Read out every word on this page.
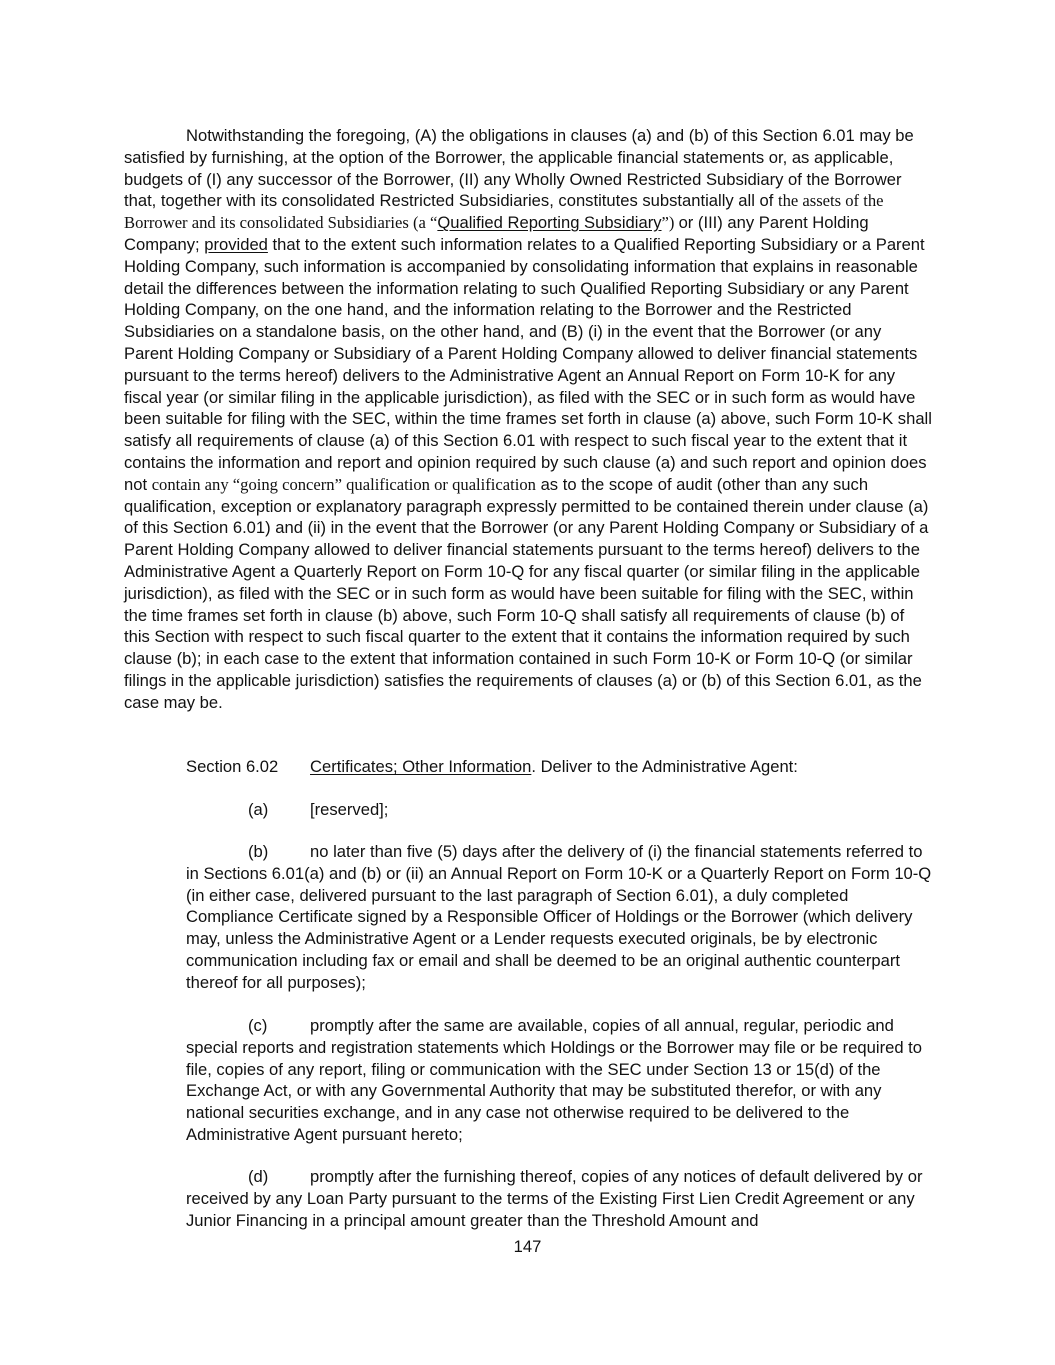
Notwithstanding the foregoing, (A) the obligations in clauses (a) and (b) of this Section 6.01 may be satisfied by furnishing, at the option of the Borrower, the applicable financial statements or, as applicable, budgets of (I) any successor of the Borrower, (II) any Wholly Owned Restricted Subsidiary of the Borrower that, together with its consolidated Restricted Subsidiaries, constitutes substantially all of the assets of the Borrower and its consolidated Subsidiaries (a “Qualified Reporting Subsidiary”) or (III) any Parent Holding Company; provided that to the extent such information relates to a Qualified Reporting Subsidiary or a Parent Holding Company, such information is accompanied by consolidating information that explains in reasonable detail the differences between the information relating to such Qualified Reporting Subsidiary or any Parent Holding Company, on the one hand, and the information relating to the Borrower and the Restricted Subsidiaries on a standalone basis, on the other hand, and (B) (i) in the event that the Borrower (or any Parent Holding Company or Subsidiary of a Parent Holding Company allowed to deliver financial statements pursuant to the terms hereof) delivers to the Administrative Agent an Annual Report on Form 10-K for any fiscal year (or similar filing in the applicable jurisdiction), as filed with the SEC or in such form as would have been suitable for filing with the SEC, within the time frames set forth in clause (a) above, such Form 10-K shall satisfy all requirements of clause (a) of this Section 6.01 with respect to such fiscal year to the extent that it contains the information and report and opinion required by such clause (a) and such report and opinion does not contain any “going concern” qualification or qualification as to the scope of audit (other than any such qualification, exception or explanatory paragraph expressly permitted to be contained therein under clause (a) of this Section 6.01) and (ii) in the event that the Borrower (or any Parent Holding Company or Subsidiary of a Parent Holding Company allowed to deliver financial statements pursuant to the terms hereof) delivers to the Administrative Agent a Quarterly Report on Form 10-Q for any fiscal quarter (or similar filing in the applicable jurisdiction), as filed with the SEC or in such form as would have been suitable for filing with the SEC, within the time frames set forth in clause (b) above, such Form 10-Q shall satisfy all requirements of clause (b) of this Section with respect to such fiscal quarter to the extent that it contains the information required by such clause (b); in each case to the extent that information contained in such Form 10-K or Form 10-Q (or similar filings in the applicable jurisdiction) satisfies the requirements of clauses (a) or (b) of this Section 6.01, as the case may be.

Section 6.02 Certificates; Other Information. Deliver to the Administrative Agent:

(a)	[reserved];

(b)	no later than five (5) days after the delivery of (i) the financial statements referred to in Sections 6.01(a) and (b) or (ii) an Annual Report on Form 10-K or a Quarterly Report on Form 10-Q (in either case, delivered pursuant to the last paragraph of Section 6.01), a duly completed Compliance Certificate signed by a Responsible Officer of Holdings or the Borrower (which delivery may, unless the Administrative Agent or a Lender requests executed originals, be by electronic communication including fax or email and shall be deemed to be an original authentic counterpart thereof for all purposes);

(c)	promptly after the same are available, copies of all annual, regular, periodic and special reports and registration statements which Holdings or the Borrower may file or be required to file, copies of any report, filing or communication with the SEC under Section 13 or 15(d) of the Exchange Act, or with any Governmental Authority that may be substituted therefor, or with any national securities exchange, and in any case not otherwise required to be delivered to the Administrative Agent pursuant hereto;

(d)	promptly after the furnishing thereof, copies of any notices of default delivered by or received by any Loan Party pursuant to the terms of the Existing First Lien Credit Agreement or any Junior Financing in a principal amount greater than the Threshold Amount and

147
